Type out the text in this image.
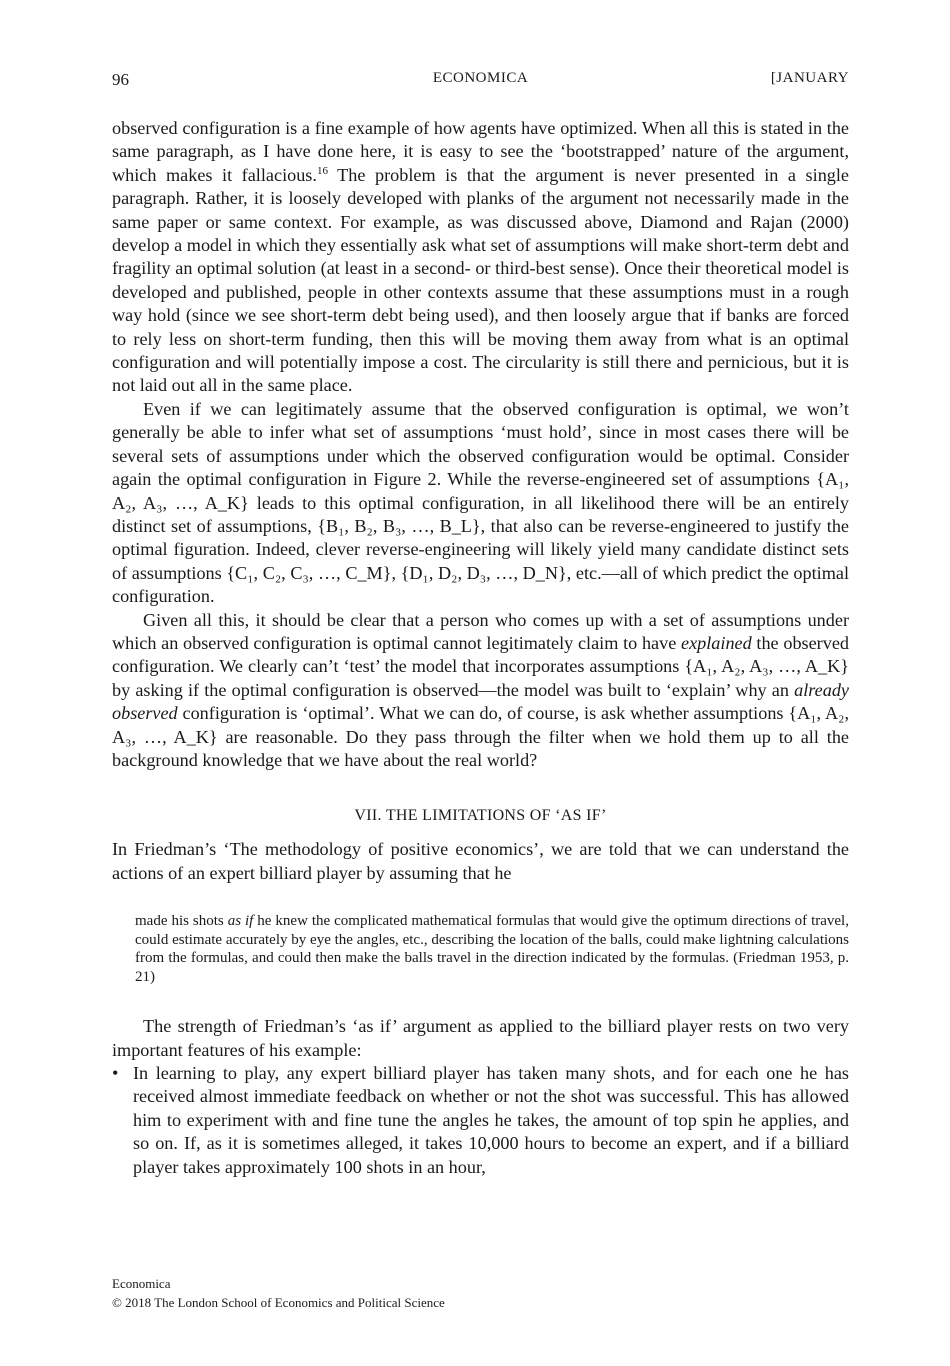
96	ECONOMICA	[JANUARY

observed configuration is a fine example of how agents have optimized. When all this is stated in the same paragraph, as I have done here, it is easy to see the ‘bootstrapped’ nature of the argument, which makes it fallacious.$^{16}$ The problem is that the argument is never presented in a single paragraph. Rather, it is loosely developed with planks of the argument not necessarily made in the same paper or same context. For example, as was discussed above, Diamond and Rajan (2000) develop a model in which they essentially ask what set of assumptions will make short-term debt and fragility an optimal solution (at least in a second- or third-best sense). Once their theoretical model is developed and published, people in other contexts assume that these assumptions must in a rough way hold (since we see short-term debt being used), and then loosely argue that if banks are forced to rely less on short-term funding, then this will be moving them away from what is an optimal configuration and will potentially impose a cost. The circularity is still there and pernicious, but it is not laid out all in the same place.

Even if we can legitimately assume that the observed configuration is optimal, we won’t generally be able to infer what set of assumptions ‘must hold’, since in most cases there will be several sets of assumptions under which the observed configuration would be optimal. Consider again the optimal configuration in Figure 2. While the reverse-engineered set of assumptions {A₁, A₂, A₃, …, A_K} leads to this optimal configuration, in all likelihood there will be an entirely distinct set of assumptions, {B₁, B₂, B₃, …, B_L}, that also can be reverse-engineered to justify the optimal figuration. Indeed, clever reverse-engineering will likely yield many candidate distinct sets of assumptions {C₁, C₂, C₃, …, C_M}, {D₁, D₂, D₃, …, D_N}, etc.—all of which predict the optimal configuration.

Given all this, it should be clear that a person who comes up with a set of assumptions under which an observed configuration is optimal cannot legitimately claim to have explained the observed configuration. We clearly can’t ‘test’ the model that incorporates assumptions {A₁, A₂, A₃, …, A_K} by asking if the optimal configuration is observed—the model was built to ‘explain’ why an already observed configuration is ‘optimal’. What we can do, of course, is ask whether assumptions {A₁, A₂, A₃, …, A_K} are reasonable. Do they pass through the filter when we hold them up to all the background knowledge that we have about the real world?

VII. THE LIMITATIONS OF ‘AS IF’

In Friedman’s ‘The methodology of positive economics’, we are told that we can understand the actions of an expert billiard player by assuming that he

made his shots as if he knew the complicated mathematical formulas that would give the optimum directions of travel, could estimate accurately by eye the angles, etc., describing the location of the balls, could make lightning calculations from the formulas, and could then make the balls travel in the direction indicated by the formulas. (Friedman 1953, p. 21)

The strength of Friedman’s ‘as if’ argument as applied to the billiard player rests on two very important features of his example:

• In learning to play, any expert billiard player has taken many shots, and for each one he has received almost immediate feedback on whether or not the shot was successful. This has allowed him to experiment with and fine tune the angles he takes, the amount of top spin he applies, and so on. If, as it is sometimes alleged, it takes 10,000 hours to become an expert, and if a billiard player takes approximately 100 shots in an hour,
Economica
© 2018 The London School of Economics and Political Science
